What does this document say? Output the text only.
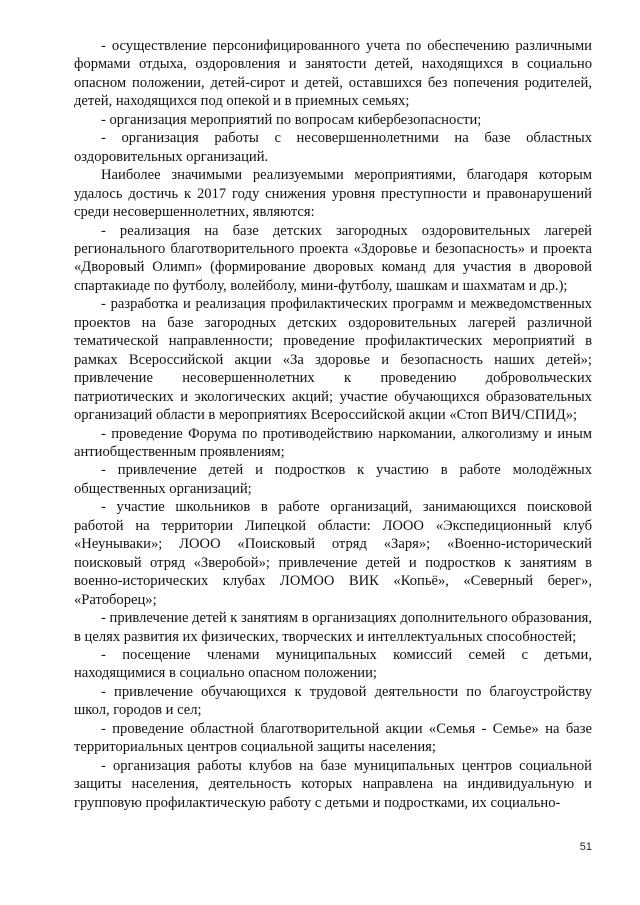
- осуществление персонифицированного учета по обеспечению различными формами отдыха, оздоровления и занятости детей, находящихся в социально опасном положении, детей-сирот и детей, оставшихся без попечения родителей, детей, находящихся под опекой и в приемных семьях;

- организация мероприятий по вопросам кибербезопасности;

- организация работы с несовершеннолетними на базе областных оздоровительных организаций.

Наиболее значимыми реализуемыми мероприятиями, благодаря которым удалось достичь к 2017 году снижения уровня преступности и правонарушений среди несовершеннолетних, являются:

- реализация на базе детских загородных оздоровительных лагерей регионального благотворительного проекта «Здоровье и безопасность» и проекта «Дворовый Олимп» (формирование дворовых команд для участия в дворовой спартакиаде по футболу, волейболу, мини-футболу, шашкам и шахматам и др.);

- разработка и реализация профилактических программ и межведомственных проектов на базе загородных детских оздоровительных лагерей различной тематической направленности; проведение профилактических мероприятий в рамках Всероссийской акции «За здоровье и безопасность наших детей»; привлечение несовершеннолетних к проведению добровольческих патриотических и экологических акций; участие обучающихся образовательных организаций области в мероприятиях Всероссийской акции «Стоп ВИЧ/СПИД»;

- проведение Форума по противодействию наркомании, алкоголизму и иным антиобщественным проявлениям;

- привлечение детей и подростков к участию в работе молодёжных общественных организаций;

- участие школьников в работе организаций, занимающихся поисковой работой на территории Липецкой области: ЛООО «Экспедиционный клуб «Неунываки»; ЛООО «Поисковый отряд «Заря»; «Военно-исторический поисковый отряд «Зверобой»; привлечение детей и подростков к занятиям в военно-исторических клубах ЛОМОО ВИК «Копьё», «Северный берег», «Ратоборец»;

- привлечение детей к занятиям в организациях дополнительного образования, в целях развития их физических, творческих и интеллектуальных способностей;

- посещение членами муниципальных комиссий семей с детьми, находящимися в социально опасном положении;

- привлечение обучающихся к трудовой деятельности по благоустройству школ, городов и сел;

- проведение областной благотворительной акции «Семья - Семье» на базе территориальных центров социальной защиты населения;

- организация работы клубов на базе муниципальных центров социальной защиты населения, деятельность которых направлена на индивидуальную и групповую профилактическую работу с детьми и подростками, их социально-

51
